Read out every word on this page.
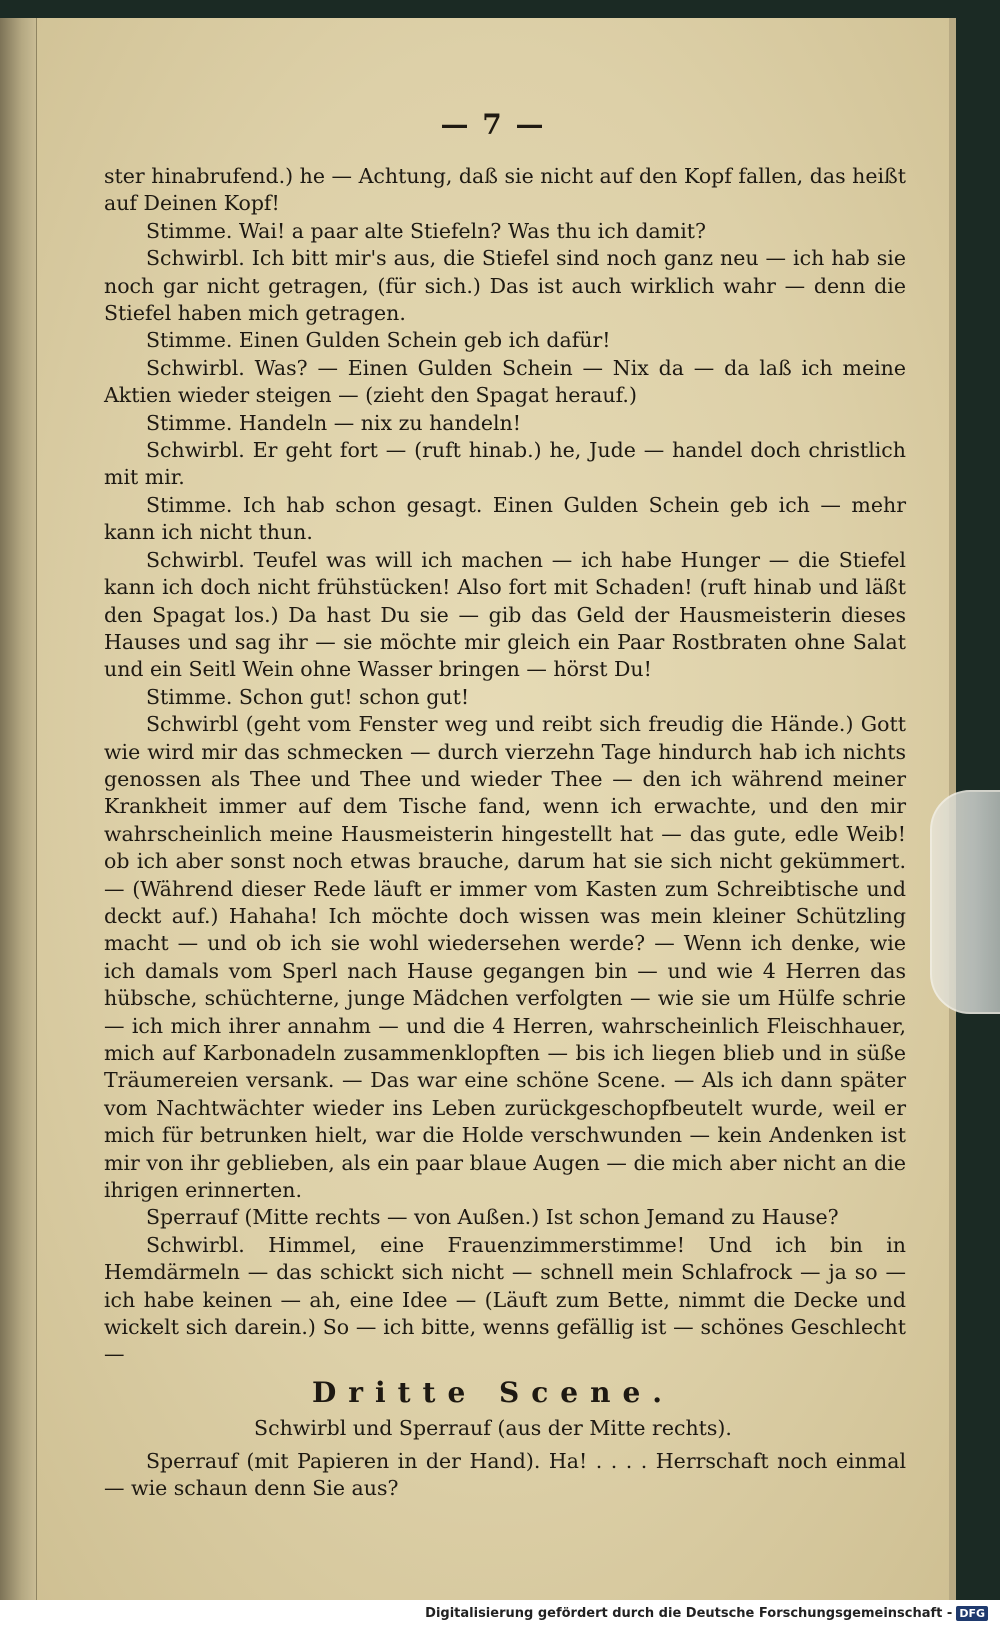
— 7 —

ster hinabrufend.) he — Achtung, daß sie nicht auf den Kopf fallen, das heißt auf Deinen Kopf!

Stimme. Wai! a paar alte Stiefeln? Was thu ich damit?

Schwirbl. Ich bitt mir's aus, die Stiefel sind noch ganz neu — ich hab sie noch gar nicht getragen, (für sich.) Das ist auch wirklich wahr — denn die Stiefel haben mich getragen.

Stimme. Einen Gulden Schein geb ich dafür!

Schwirbl. Was? — Einen Gulden Schein — Nix da — da laß ich meine Aktien wieder steigen — (zieht den Spagat herauf.)

Stimme. Handeln — nix zu handeln!

Schwirbl. Er geht fort — (ruft hinab.) he, Jude — handel doch christlich mit mir.

Stimme. Ich hab schon gesagt. Einen Gulden Schein geb ich — mehr kann ich nicht thun.

Schwirbl. Teufel was will ich machen — ich habe Hunger — die Stiefel kann ich doch nicht frühstücken! Also fort mit Schaden! (ruft hinab und läßt den Spagat los.) Da hast Du sie — gib das Geld der Hausmeisterin dieses Hauses und sag ihr — sie möchte mir gleich ein Paar Rostbraten ohne Salat und ein Seitl Wein ohne Wasser bringen — hörst Du!

Stimme. Schon gut! schon gut!

Schwirbl (geht vom Fenster weg und reibt sich freudig die Hände.) Gott wie wird mir das schmecken — durch vierzehn Tage hindurch hab ich nichts genossen als Thee und Thee und wieder Thee — den ich während meiner Krankheit immer auf dem Tische fand, wenn ich erwachte, und den mir wahrscheinlich meine Hausmeisterin hingestellt hat — das gute, edle Weib! ob ich aber sonst noch etwas brauche, darum hat sie sich nicht gekümmert. — (Während dieser Rede läuft er immer vom Kasten zum Schreibtische und deckt auf.) Hahaha! Ich möchte doch wissen was mein kleiner Schützling macht — und ob ich sie wohl wiedersehen werde? — Wenn ich denke, wie ich damals vom Sperl nach Hause gegangen bin — und wie 4 Herren das hübsche, schüchterne, junge Mädchen verfolgten — wie sie um Hülfe schrie — ich mich ihrer annahm — und die 4 Herren, wahrscheinlich Fleischhauer, mich auf Karbonadeln zusammenklopften — bis ich liegen blieb und in süße Träumereien versank. — Das war eine schöne Scene. — Als ich dann später vom Nachtwächter wieder ins Leben zurückgeschopfbeutelt wurde, weil er mich für betrunken hielt, war die Holde verschwunden — kein Andenken ist mir von ihr geblieben, als ein paar blaue Augen — die mich aber nicht an die ihrigen erinnerten.

Sperrauf (Mitte rechts — von Außen.) Ist schon Jemand zu Hause?

Schwirbl. Himmel, eine Frauenzimmerstimme! Und ich bin in Hemdärmeln — das schickt sich nicht — schnell mein Schlafrock — ja so — ich habe keinen — ah, eine Idee — (Läuft zum Bette, nimmt die Decke und wickelt sich darein.) So — ich bitte, wenns gefällig ist — schönes Geschlecht —

Dritte Scene.
Schwirbl und Sperrauf (aus der Mitte rechts).

Sperrauf (mit Papieren in der Hand). Ha! . . . . Herrschaft noch einmal — wie schaun denn Sie aus?

Digitalisierung gefördert durch die Deutsche Forschungsgemeinschaft - DFG
